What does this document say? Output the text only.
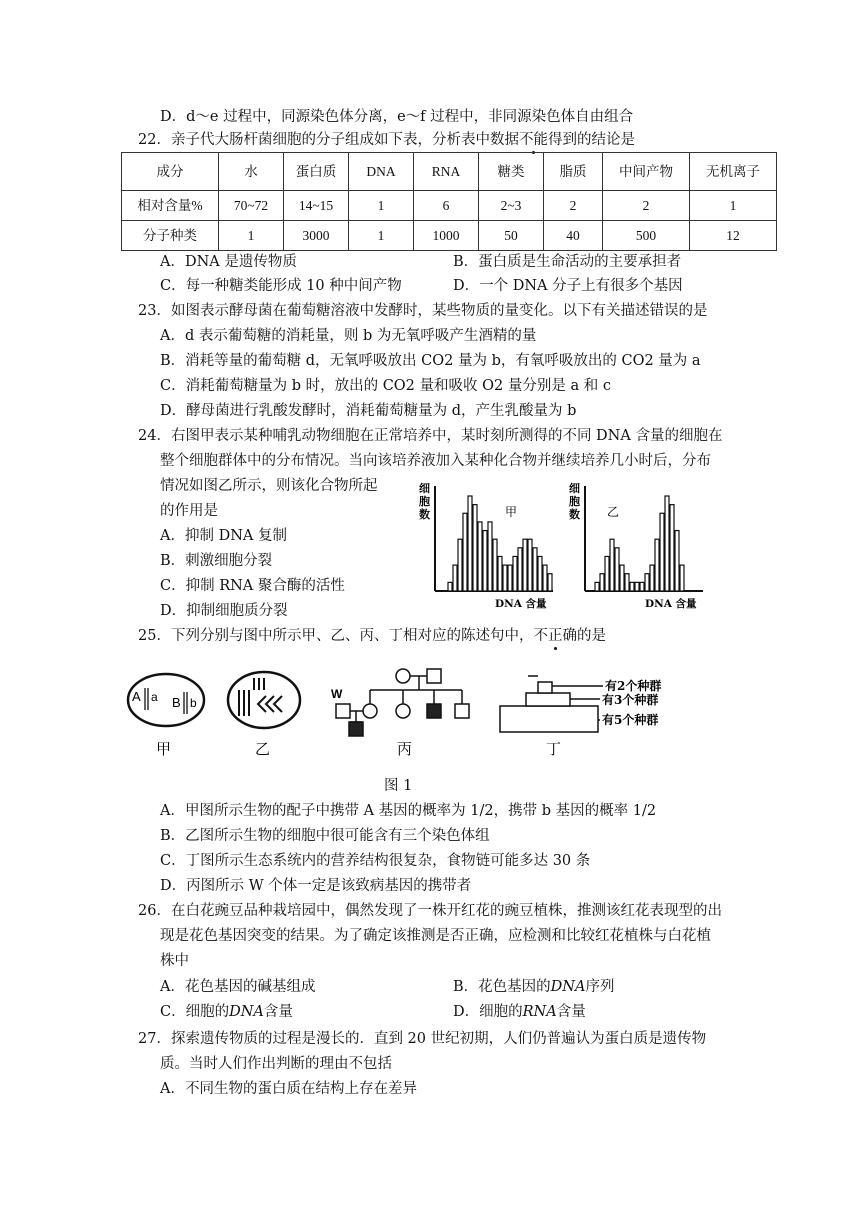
D．d～e 过程中，同源染色体分离，e～f 过程中，非同源染色体自由组合
22．亲子代大肠杆菌细胞的分子组成如下表，分析表中数据不能得到的结论是
成分	水	蛋白质	DNA	RNA	糖类	脂质	中间产物	无机离子
相对含量%	70~72	14~15	1	6	2~3	2	2	1
分子种类	1	3000	1	1000	50	40	500	12
A．DNA 是遗传物质	B．蛋白质是生命活动的主要承担者
C．每一种糖类能形成 10 种中间产物	D．一个 DNA 分子上有很多个基因
23．如图表示酵母菌在葡萄糖溶液中发酵时，某些物质的量变化。以下有关描述错误的是
A．d 表示葡萄糖的消耗量，则 b 为无氧呼吸产生酒精的量
B．消耗等量的葡萄糖 d，无氧呼吸放出 CO2 量为 b，有氧呼吸放出的 CO2 量为 a
C．消耗葡萄糖量为 b 时，放出的 CO2 量和吸收 O2 量分别是 a 和 c
D．酵母菌进行乳酸发酵时，消耗葡萄糖量为 d，产生乳酸量为 b
24．右图甲表示某种哺乳动物细胞在正常培养中，某时刻所测得的不同 DNA 含量的细胞在
整个细胞群体中的分布情况。当向该培养液加入某种化合物并继续培养几小时后，分布
情况如图乙所示，则该化合物所起
的作用是
A．抑制 DNA 复制
B．刺激细胞分裂
C．抑制 RNA 聚合酶的活性
D．抑制细胞质分裂
细胞数	甲
DNA 含量
细胞数 乙
DNA 含量
25．下列分别与图中所示甲、乙、丙、丁相对应的陈述句中，不正确的是
A a B b
甲	乙
W
丙
有2个种群
有3个种群
有5个种群
丁
图 1
A．甲图所示生物的配子中携带 A 基因的概率为 1/2，携带 b 基因的概率 1/2
B．乙图所示生物的细胞中很可能含有三个染色体组
C．丁图所示生态系统内的营养结构很复杂，食物链可能多达 30 条
D．丙图所示 W 个体一定是该致病基因的携带者
26．在白花豌豆品种栽培园中，偶然发现了一株开红花的豌豆植株，推测该红花表现型的出
现是花色基因突变的结果。为了确定该推测是否正确，应检测和比较红花植株与白花植
株中
A．花色基因的碱基组成	B．花色基因的DNA序列
C．细胞的DNA含量	D．细胞的RNA含量
27．探索遗传物质的过程是漫长的．直到 20 世纪初期，人们仍普遍认为蛋白质是遗传物
质。当时人们作出判断的理由不包括
A．不同生物的蛋白质在结构上存在差异
